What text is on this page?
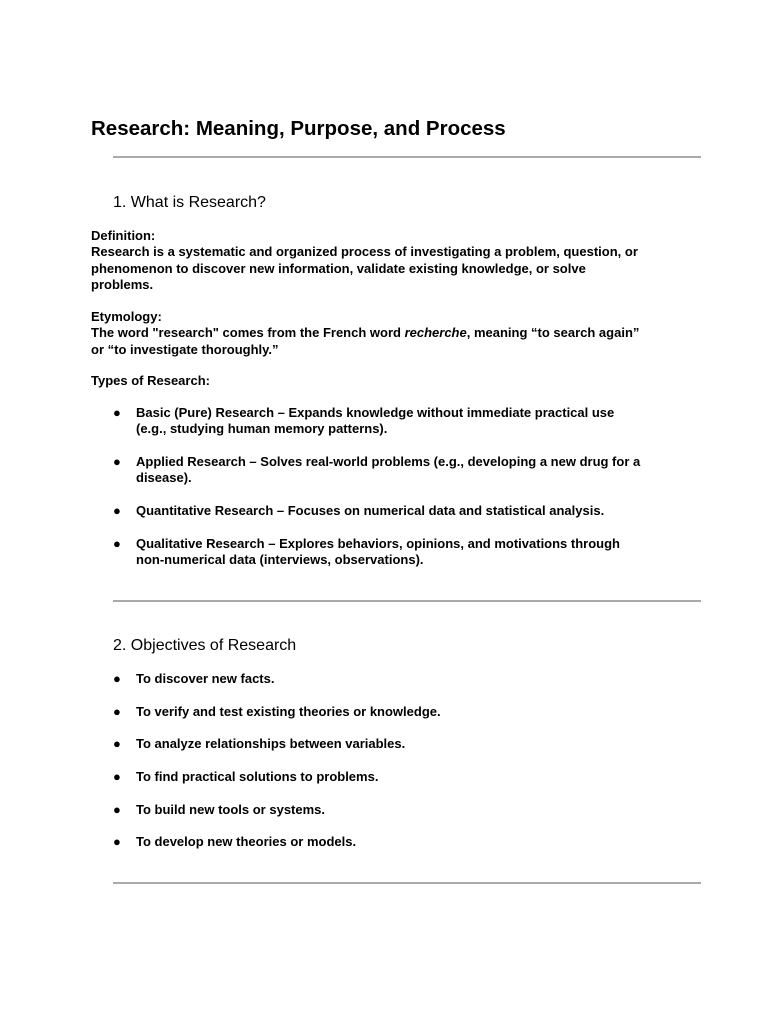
Research: Meaning, Purpose, and Process
1. What is Research?
Definition:
Research is a systematic and organized process of investigating a problem, question, or
phenomenon to discover new information, validate existing knowledge, or solve
problems.
Etymology:
The word "research" comes from the French word recherche, meaning “to search again”
or “to investigate thoroughly.”
Types of Research:
●	Basic (Pure) Research – Expands knowledge without immediate practical use
(e.g., studying human memory patterns).
●	Applied Research – Solves real-world problems (e.g., developing a new drug for a
disease).
●	Quantitative Research – Focuses on numerical data and statistical analysis.
●	Qualitative Research – Explores behaviors, opinions, and motivations through
non-numerical data (interviews, observations).
2. Objectives of Research
●	To discover new facts.
●	To verify and test existing theories or knowledge.
●	To analyze relationships between variables.
●	To find practical solutions to problems.
●	To build new tools or systems.
●	To develop new theories or models.
